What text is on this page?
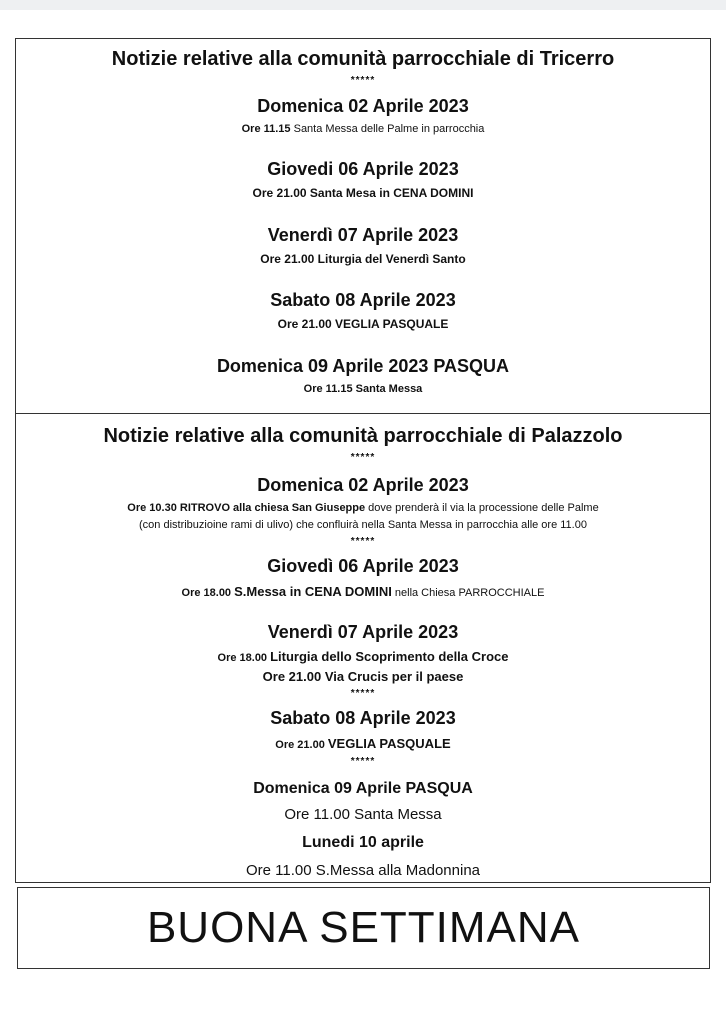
Notizie relative alla comunità parrocchiale di Tricerro
*****
Domenica 02 Aprile 2023
Ore 11.15 Santa Messa delle Palme in parrocchia
Giovedi 06 Aprile 2023
Ore 21.00 Santa Mesa in CENA DOMINI
Venerdì 07 Aprile 2023
Ore 21.00 Liturgia del Venerdì Santo
Sabato 08 Aprile 2023
Ore 21.00 VEGLIA PASQUALE
Domenica 09 Aprile 2023 PASQUA
Ore 11.15 Santa Messa
Notizie relative alla comunità parrocchiale di Palazzolo
*****
Domenica 02 Aprile 2023
Ore 10.30 RITROVO alla chiesa San Giuseppe dove prenderà il via la processione delle Palme
(con distribuzioine rami di ulivo) che confluirà nella Santa Messa in parrocchia alle ore 11.00
*****
Giovedì 06 Aprile 2023
Ore 18.00 S.Messa in CENA DOMINI nella Chiesa PARROCCHIALE
Venerdì 07 Aprile 2023
Ore 18.00 Liturgia dello Scoprimento della Croce
Ore 21.00 Via Crucis per il paese
*****
Sabato 08 Aprile 2023
Ore 21.00 VEGLIA PASQUALE
*****
Domenica 09 Aprile PASQUA
Ore 11.00 Santa Messa
Lunedi 10 aprile
Ore 11.00 S.Messa alla Madonnina
BUONA SETTIMANA
